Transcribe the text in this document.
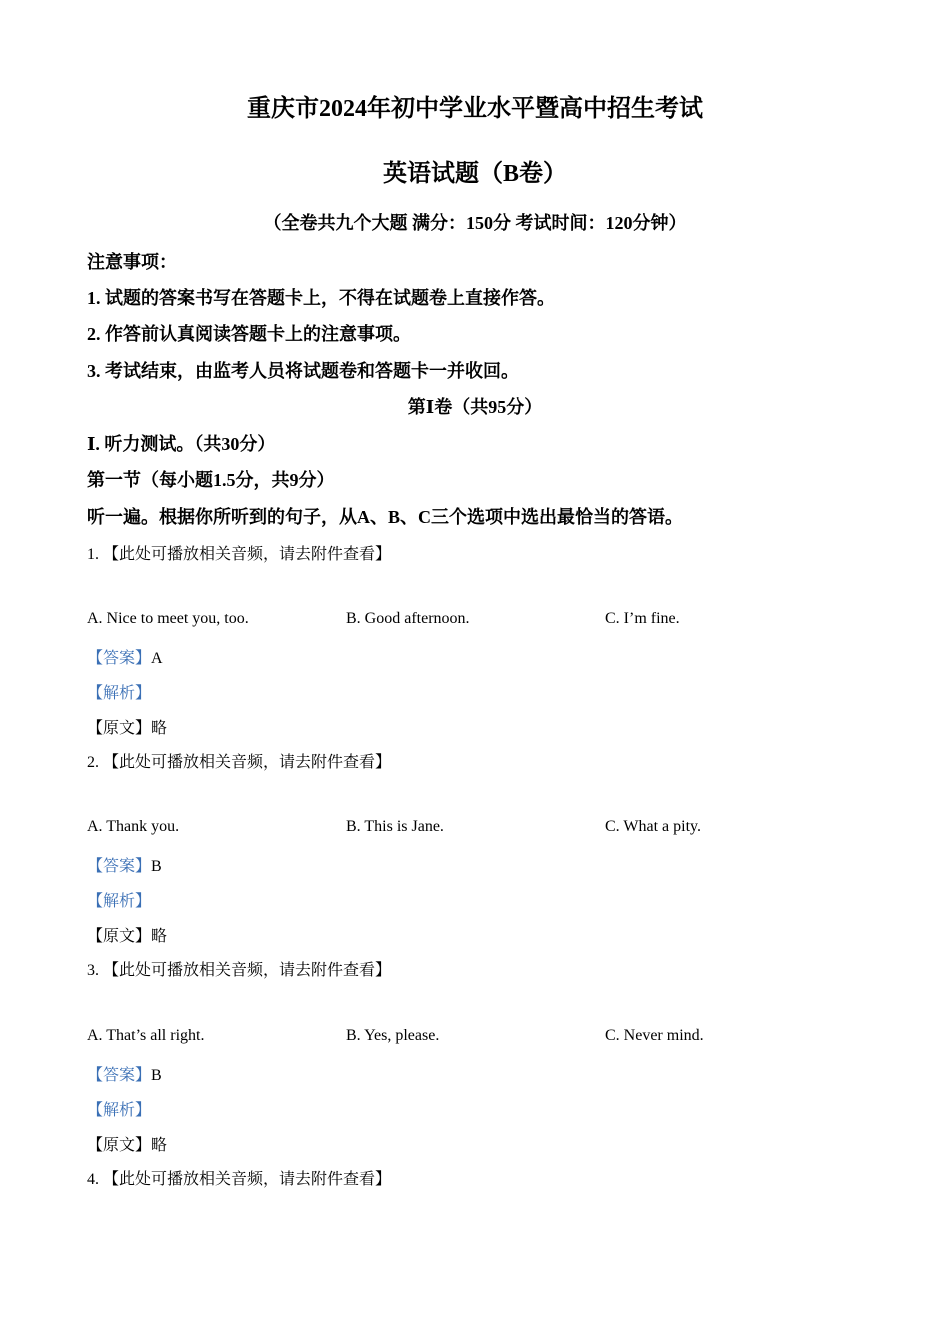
重庆市2024年初中学业水平暨高中招生考试
英语试题（B卷）
（全卷共九个大题 满分：150分 考试时间：120分钟）
注意事项：
1. 试题的答案书写在答题卡上，不得在试题卷上直接作答。
2. 作答前认真阅读答题卡上的注意事项。
3. 考试结束，由监考人员将试题卷和答题卡一并收回。
第Ⅰ卷（共95分）
Ⅰ. 听力测试。（共30分）
第一节（每小题1.5分，共9分）
听一遍。根据你所听到的句子，从A、B、C三个选项中选出最恰当的答语。
1. 【此处可播放相关音频，请去附件查看】
A. Nice to meet you, too.	B. Good afternoon.	C. I’m fine.
【答案】A
【解析】
【原文】略
2. 【此处可播放相关音频，请去附件查看】
A. Thank you.	B. This is Jane.	C. What a pity.
【答案】B
【解析】
【原文】略
3. 【此处可播放相关音频，请去附件查看】
A. That’s all right.	B. Yes, please.	C. Never mind.
【答案】B
【解析】
【原文】略
4. 【此处可播放相关音频，请去附件查看】
